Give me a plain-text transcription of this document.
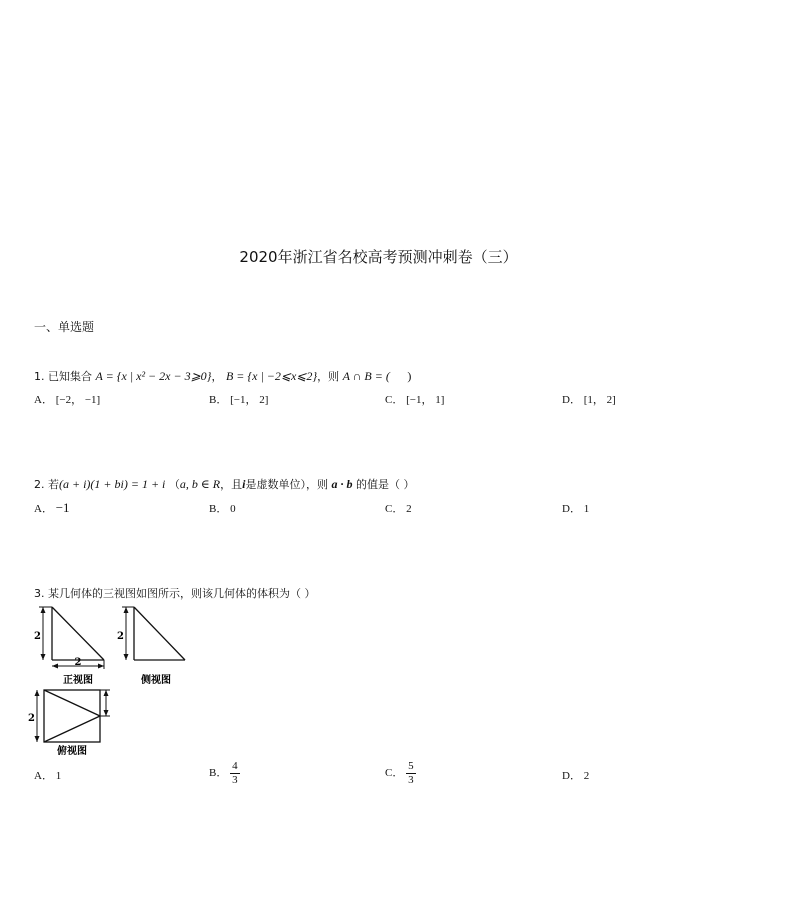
2020年浙江省名校高考预测冲刺卷（三）
一、单选题
1. 已知集合 A = {x | x² − 2x − 3⩾0}， B = {x | −2⩽x⩽2}，则 A ∩ B = ( )
A． [−2， −1]	B． [−1， 2]	C． [−1， 1]	D． [1， 2]
2. 若(a + i)(1 + bi) = 1 + i （a, b ∈ R，且i是虚数单位），则 a · b 的值是（ ）
A． −1	B． 0	C． 2	D． 1
3. 某几何体的三视图如图所示，则该几何体的体积为（ ）
2
2
正视图
2
侧视图
2
俯视图
A． 1	B． $\frac{4}{3}$	C． $\frac{5}{3}$	D． 2
